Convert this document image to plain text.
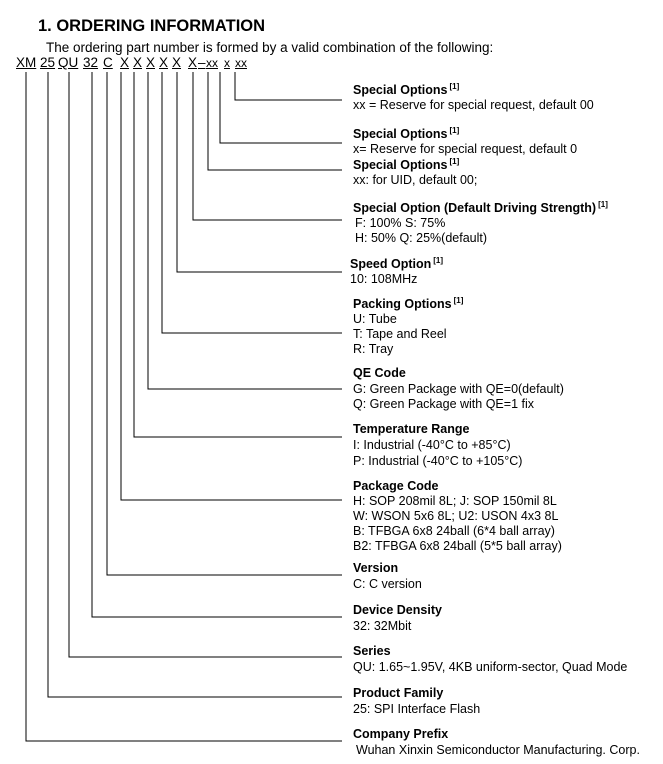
1. ORDERING INFORMATION
The ordering part number is formed by a valid combination of the following:
XM 25 QU 32 C X X X X X X – xx x xx
Special Options [1]
xx = Reserve for special request, default 00
Special Options [1]
x= Reserve for special request, default 0
Special Options [1]
xx: for UID, default 00;
Special Option (Default Driving Strength) [1]
F: 100% S: 75%
H: 50% Q: 25%(default)
Speed Option [1]
10: 108MHz
Packing Options [1]
U: Tube
T: Tape and Reel
R: Tray
QE Code
G: Green Package with QE=0(default)
Q: Green Package with QE=1 fix
Temperature Range
I: Industrial (-40°C to +85°C)
P: Industrial (-40°C to +105°C)
Package Code
H: SOP 208mil 8L; J: SOP 150mil 8L
W: WSON 5x6 8L; U2: USON 4x3 8L
B: TFBGA 6x8 24ball (6*4 ball array)
B2: TFBGA 6x8 24ball (5*5 ball array)
Version
C: C version
Device Density
32: 32Mbit
Series
QU: 1.65~1.95V, 4KB uniform-sector, Quad Mode
Product Family
25: SPI Interface Flash
Company Prefix
Wuhan Xinxin Semiconductor Manufacturing. Corp.
